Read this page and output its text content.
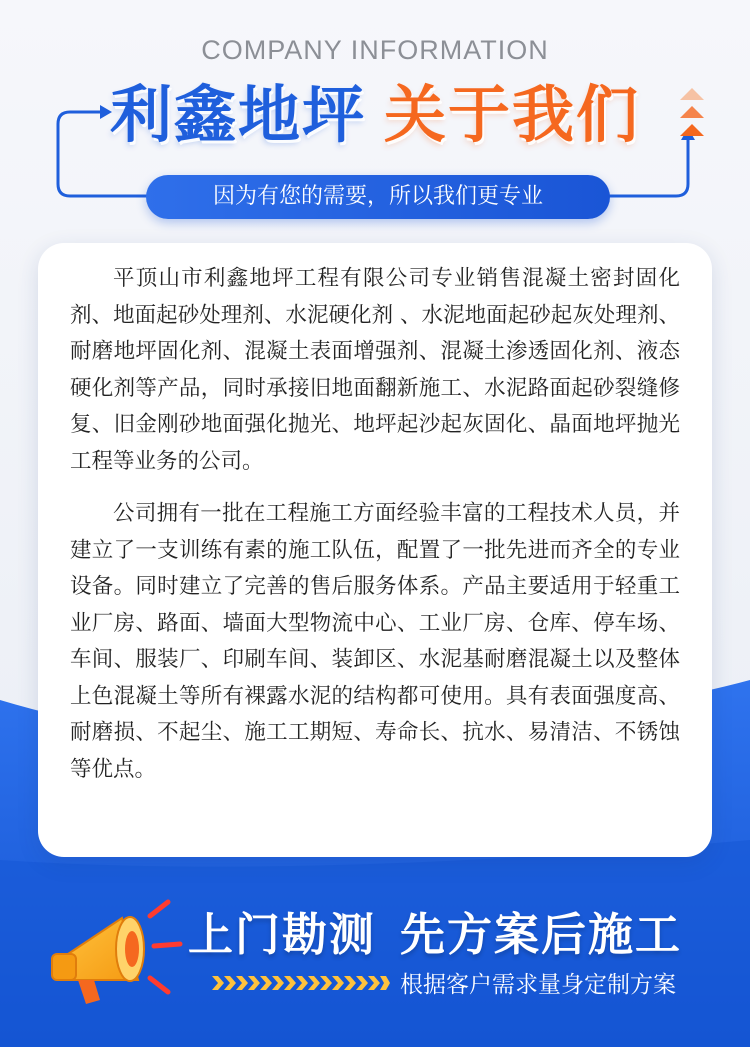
COMPANY INFORMATION
利鑫地坪 关于我们
因为有您的需要，所以我们更专业

平顶山市利鑫地坪工程有限公司专业销售混凝土密封固化剂、地面起砂处理剂、水泥硬化剂 、水泥地面起砂起灰处理剂、 耐磨地坪固化剂、混凝土表面增强剂、混凝土渗透固化剂、液态硬化剂等产品，同时承接旧地面翻新施工、水泥路面起砂裂缝修复、旧金刚砂地面强化抛光、地坪起沙起灰固化、晶面地坪抛光工程等业务的公司。

公司拥有一批在工程施工方面经验丰富的工程技术人员，并建立了一支训练有素的施工队伍，配置了一批先进而齐全的专业设备。同时建立了完善的售后服务体系。产品主要适用于轻重工业厂房、路面、墙面大型物流中心、工业厂房、仓库、停车场、车间、服装厂、印刷车间、装卸区、水泥基耐磨混凝土以及整体上色混凝土等所有裸露水泥的结构都可使用。具有表面强度高、耐磨损、不起尘、施工工期短、寿命长、抗水、易清洁、不锈蚀等优点。

上门勘测 先方案后施工
根据客户需求量身定制方案
